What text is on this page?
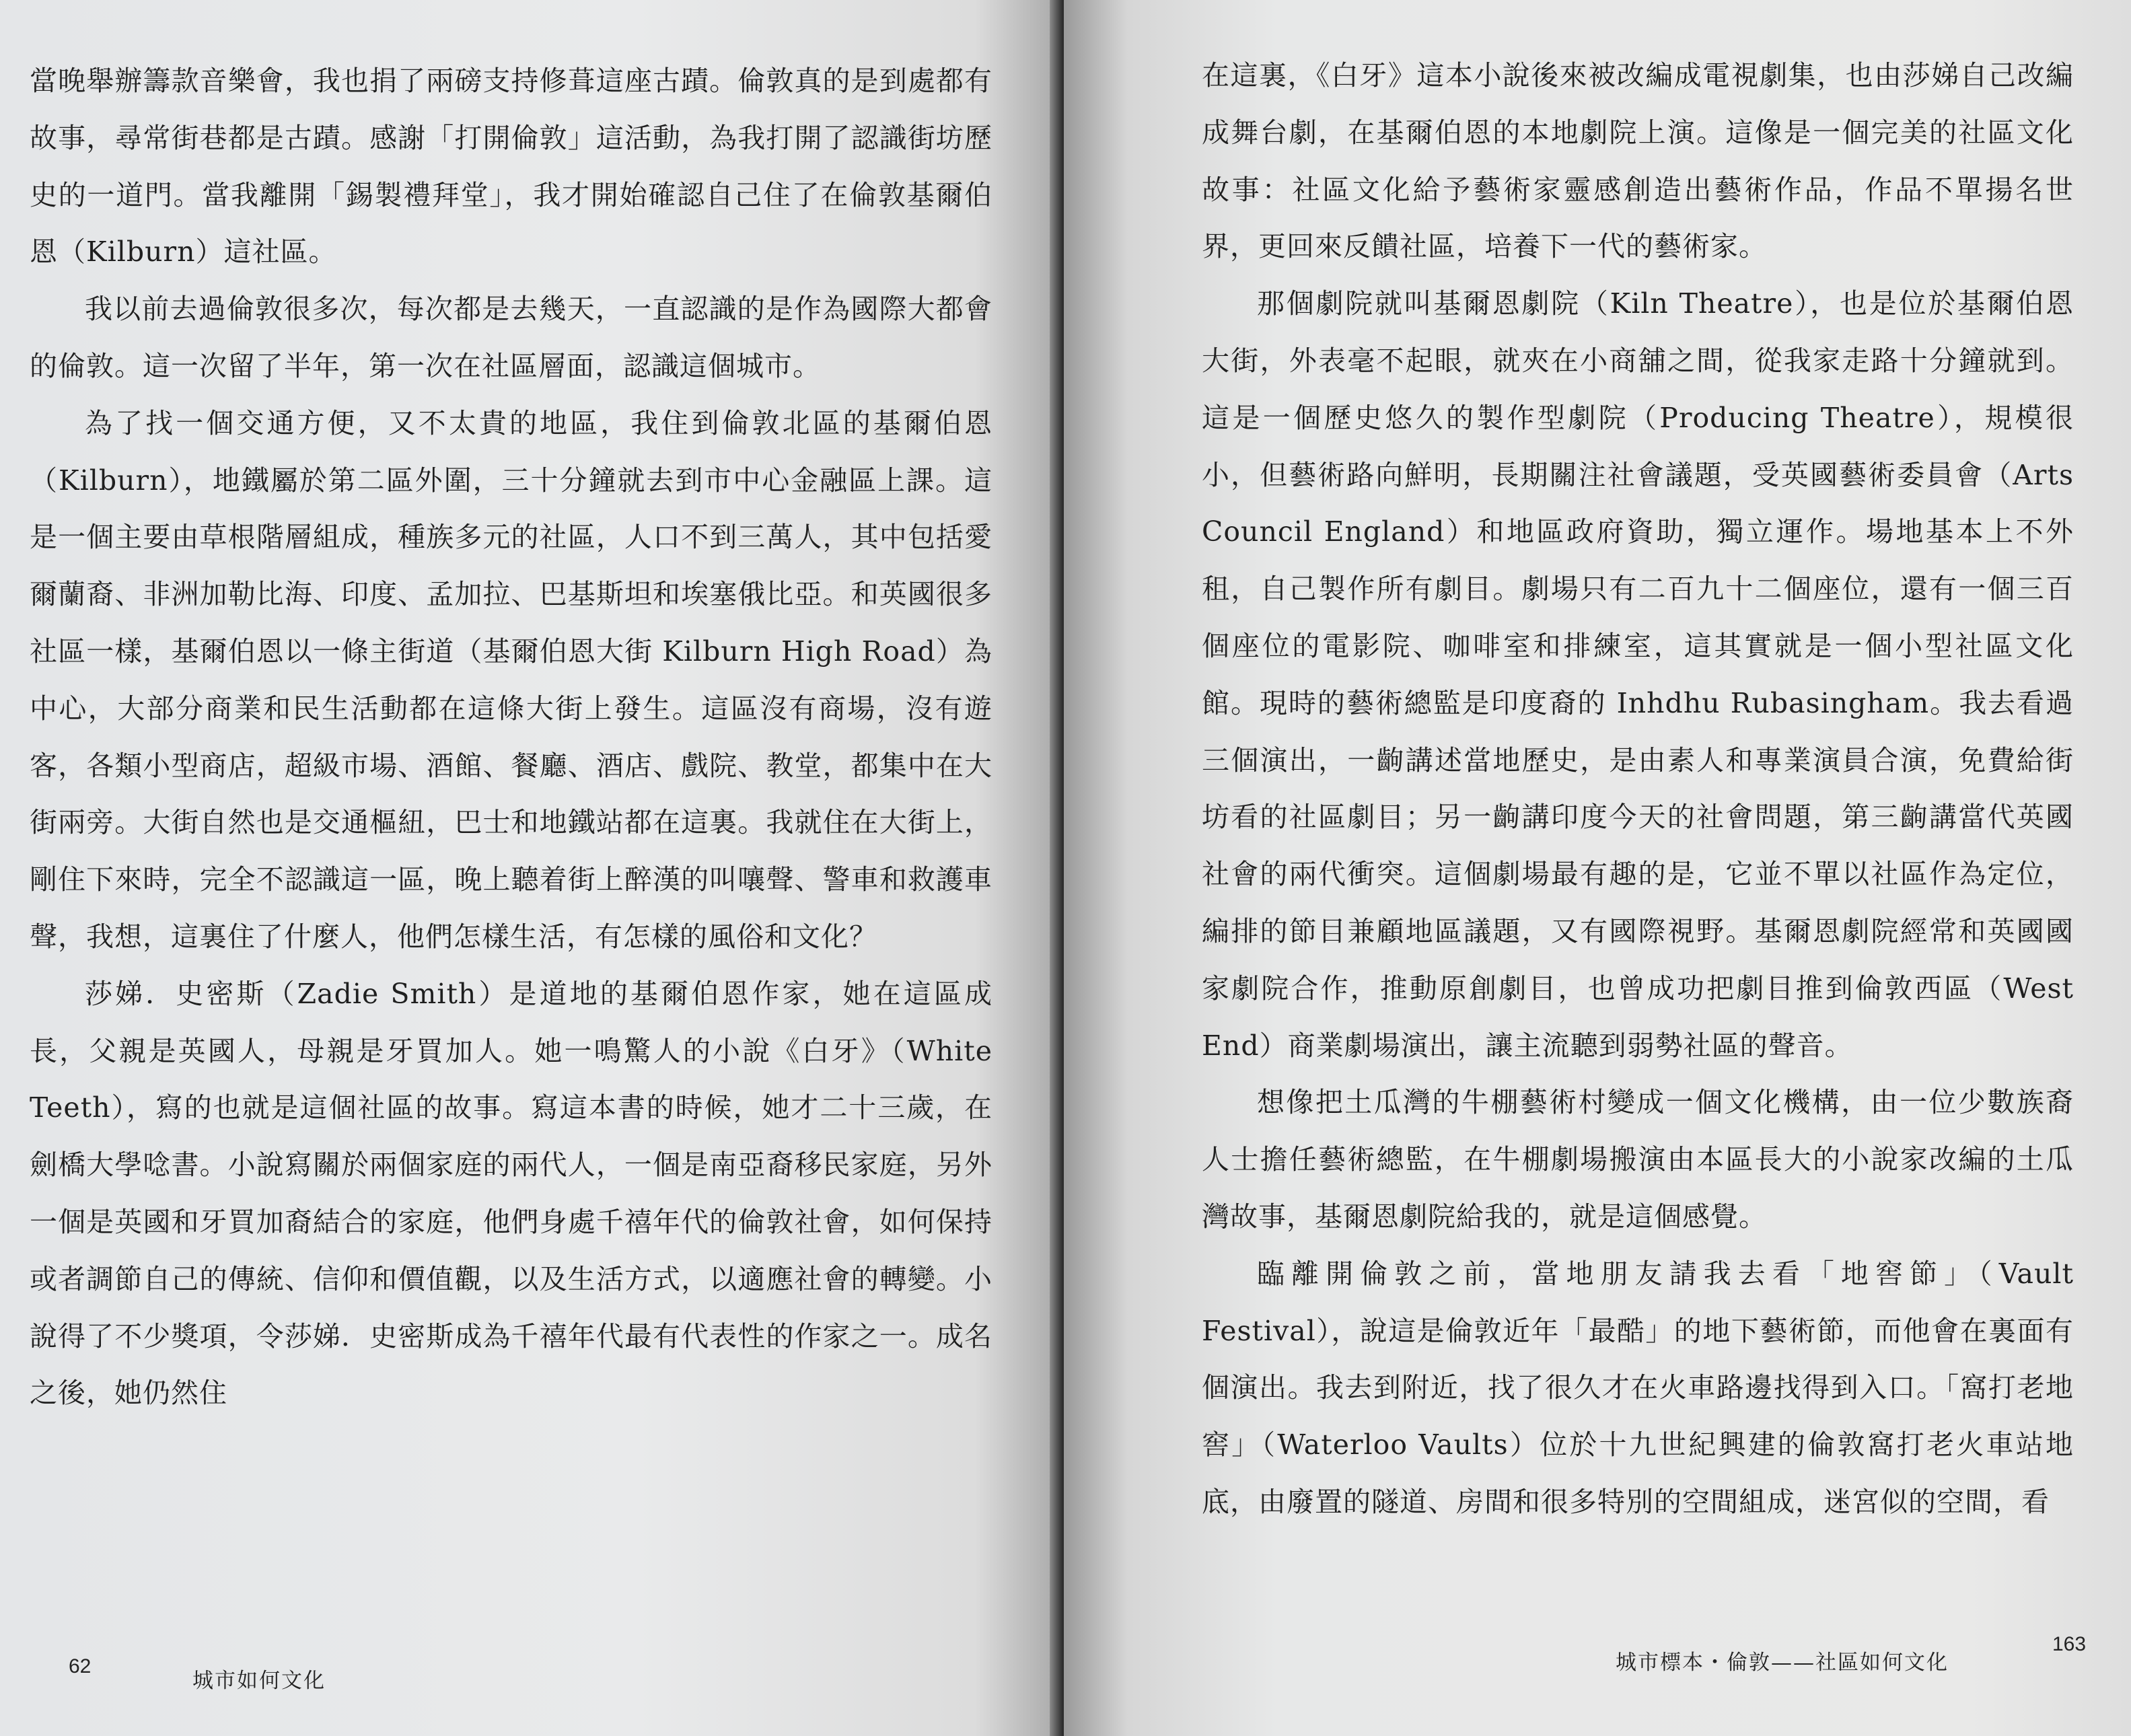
當晚舉辦籌款音樂會，我也捐了兩磅支持修葺這座古蹟。倫敦真的是到處都有故事，尋常街巷都是古蹟。感謝「打開倫敦」這活動，為我打開了認識街坊歷史的一道門。當我離開「錫製禮拜堂」，我才開始確認自己住了在倫敦基爾伯恩（Kilburn）這社區。

我以前去過倫敦很多次，每次都是去幾天，一直認識的是作為國際大都會的倫敦。這一次留了半年，第一次在社區層面，認識這個城市。

為了找一個交通方便，又不太貴的地區，我住到倫敦北區的基爾伯恩（Kilburn），地鐵屬於第二區外圍，三十分鐘就去到市中心金融區上課。這是一個主要由草根階層組成，種族多元的社區，人口不到三萬人，其中包括愛爾蘭裔、非洲加勒比海、印度、孟加拉、巴基斯坦和埃塞俄比亞。和英國很多社區一樣，基爾伯恩以一條主街道（基爾伯恩大街 Kilburn High Road）為中心，大部分商業和民生活動都在這條大街上發生。這區沒有商場，沒有遊客，各類小型商店，超級市場、酒館、餐廳、酒店、戲院、教堂，都集中在大街兩旁。大街自然也是交通樞紐，巴士和地鐵站都在這裏。我就住在大街上，剛住下來時，完全不認識這一區，晚上聽着街上醉漢的叫嚷聲、警車和救護車聲，我想，這裏住了什麼人，他們怎樣生活，有怎樣的風俗和文化？

莎娣．史密斯（Zadie Smith）是道地的基爾伯恩作家，她在這區成長，父親是英國人，母親是牙買加人。她一鳴驚人的小說《白牙》（White Teeth），寫的也就是這個社區的故事。寫這本書的時候，她才二十三歲，在劍橋大學唸書。小說寫關於兩個家庭的兩代人，一個是南亞裔移民家庭，另外一個是英國和牙買加裔結合的家庭，他們身處千禧年代的倫敦社會，如何保持或者調節自己的傳統、信仰和價值觀，以及生活方式，以適應社會的轉變。小說得了不少獎項，令莎娣．史密斯成為千禧年代最有代表性的作家之一。成名之後，她仍然住

62
城市如何文化

在這裏，《白牙》這本小說後來被改編成電視劇集，也由莎娣自己改編成舞台劇，在基爾伯恩的本地劇院上演。這像是一個完美的社區文化故事：社區文化給予藝術家靈感創造出藝術作品，作品不單揚名世界，更回來反饋社區，培養下一代的藝術家。

那個劇院就叫基爾恩劇院（Kiln Theatre），也是位於基爾伯恩大街，外表毫不起眼，就夾在小商舖之間，從我家走路十分鐘就到。這是一個歷史悠久的製作型劇院（Producing Theatre），規模很小，但藝術路向鮮明，長期關注社會議題，受英國藝術委員會（Arts Council England）和地區政府資助，獨立運作。場地基本上不外租，自己製作所有劇目。劇場只有二百九十二個座位，還有一個三百個座位的電影院、咖啡室和排練室，這其實就是一個小型社區文化館。現時的藝術總監是印度裔的 Inhdhu Rubasingham。我去看過三個演出，一齣講述當地歷史，是由素人和專業演員合演，免費給街坊看的社區劇目；另一齣講印度今天的社會問題，第三齣講當代英國社會的兩代衝突。這個劇場最有趣的是，它並不單以社區作為定位，編排的節目兼顧地區議題，又有國際視野。基爾恩劇院經常和英國國家劇院合作，推動原創劇目，也曾成功把劇目推到倫敦西區（West End）商業劇場演出，讓主流聽到弱勢社區的聲音。

想像把土瓜灣的牛棚藝術村變成一個文化機構，由一位少數族裔人士擔任藝術總監，在牛棚劇場搬演由本區長大的小說家改編的土瓜灣故事，基爾恩劇院給我的，就是這個感覺。

臨離開倫敦之前，當地朋友請我去看「地窖節」（Vault Festival），說這是倫敦近年「最酷」的地下藝術節，而他會在裏面有個演出。我去到附近，找了很久才在火車路邊找得到入口。「窩打老地窖」（Waterloo Vaults）位於十九世紀興建的倫敦窩打老火車站地底，由廢置的隧道、房間和很多特別的空間組成，迷宮似的空間，看

城市標本・倫敦——社區如何文化
163
